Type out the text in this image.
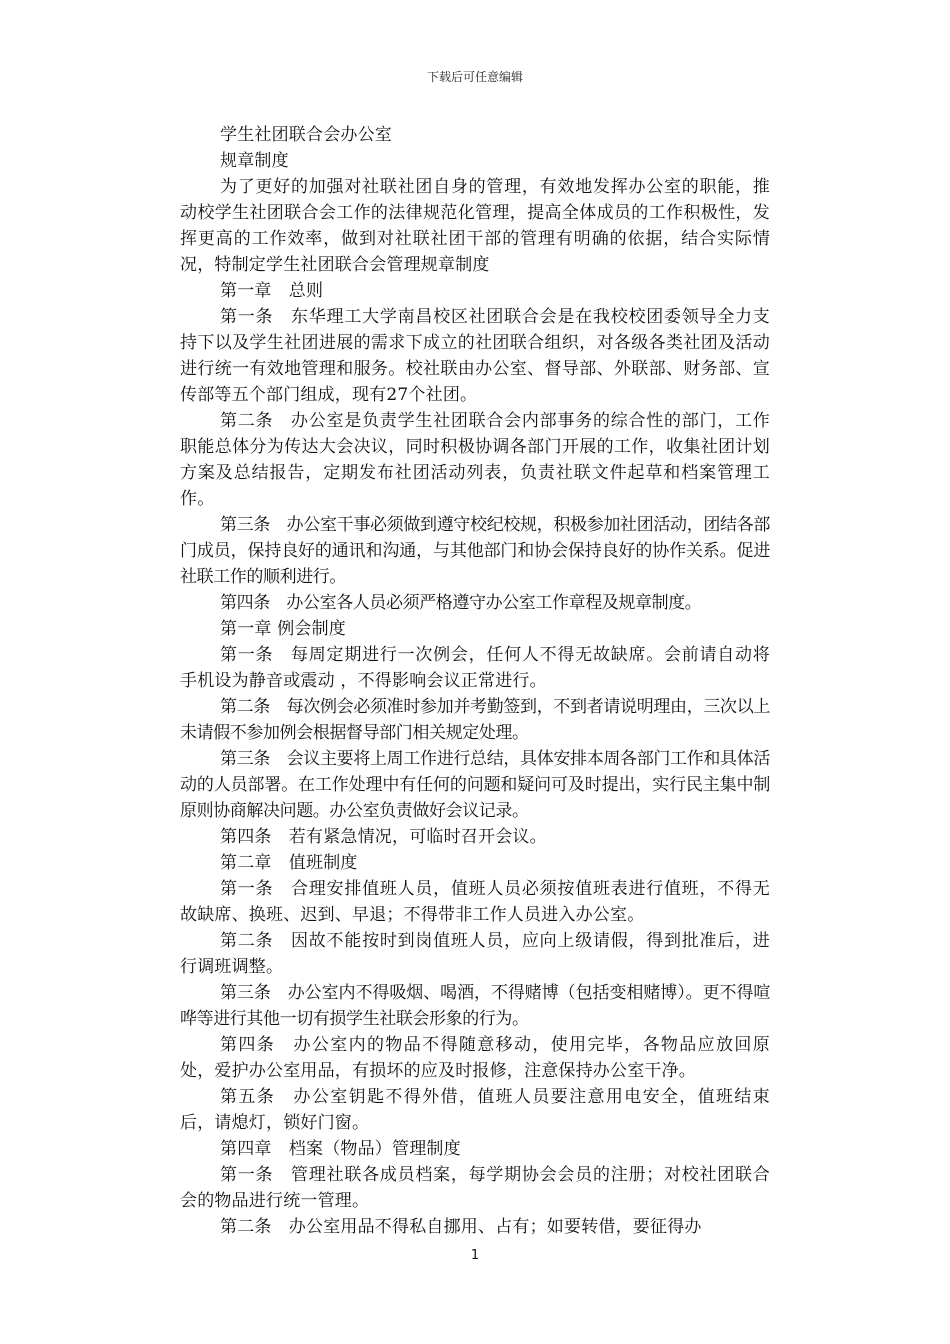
下载后可任意编辑

学生社团联合会办公室

规章制度

为了更好的加强对社联社团自身的管理，有效地发挥办公室的职能，推动校学生社团联合会工作的法律规范化管理，提高全体成员的工作积极性，发挥更高的工作效率，做到对社联社团干部的管理有明确的依据，结合实际情况，特制定学生社团联合会管理规章制度

第一章　总则

第一条　东华理工大学南昌校区社团联合会是在我校校团委领导全力支持下以及学生社团进展的需求下成立的社团联合组织，对各级各类社团及活动进行统一有效地管理和服务。校社联由办公室、督导部、外联部、财务部、宣传部等五个部门组成，现有27个社团。

第二条　办公室是负责学生社团联合会内部事务的综合性的部门，工作职能总体分为传达大会决议，同时积极协调各部门开展的工作，收集社团计划方案及总结报告，定期发布社团活动列表，负责社联文件起草和档案管理工作。

第三条　办公室干事必须做到遵守校纪校规，积极参加社团活动，团结各部门成员，保持良好的通讯和沟通，与其他部门和协会保持良好的协作关系。促进社联工作的顺利进行。

第四条　办公室各人员必须严格遵守办公室工作章程及规章制度。

第一章 例会制度

第一条　每周定期进行一次例会，任何人不得无故缺席。会前请自动将手机设为静音或震动 ，不得影响会议正常进行。

第二条　每次例会必须准时参加并考勤签到，不到者请说明理由，三次以上未请假不参加例会根据督导部门相关规定处理。

第三条　会议主要将上周工作进行总结，具体安排本周各部门工作和具体活动的人员部署。在工作处理中有任何的问题和疑问可及时提出，实行民主集中制原则协商解决问题。办公室负责做好会议记录。

第四条　若有紧急情况，可临时召开会议。

第二章　值班制度

第一条　合理安排值班人员，值班人员必须按值班表进行值班，不得无故缺席、换班、迟到、早退；不得带非工作人员进入办公室。

第二条　因故不能按时到岗值班人员，应向上级请假，得到批准后，进行调班调整。

第三条　办公室内不得吸烟、喝酒，不得赌博（包括变相赌博）。更不得喧哗等进行其他一切有损学生社联会形象的行为。

第四条　办公室内的物品不得随意移动，使用完毕，各物品应放回原处，爱护办公室用品，有损坏的应及时报修，注意保持办公室干净。

第五条　办公室钥匙不得外借，值班人员要注意用电安全，值班结束后，请熄灯，锁好门窗。

第四章　档案（物品）管理制度

第一条　管理社联各成员档案，每学期协会会员的注册；对校社团联合会的物品进行统一管理。

第二条　办公室用品不得私自挪用、占有；如要转借，要征得办

1
